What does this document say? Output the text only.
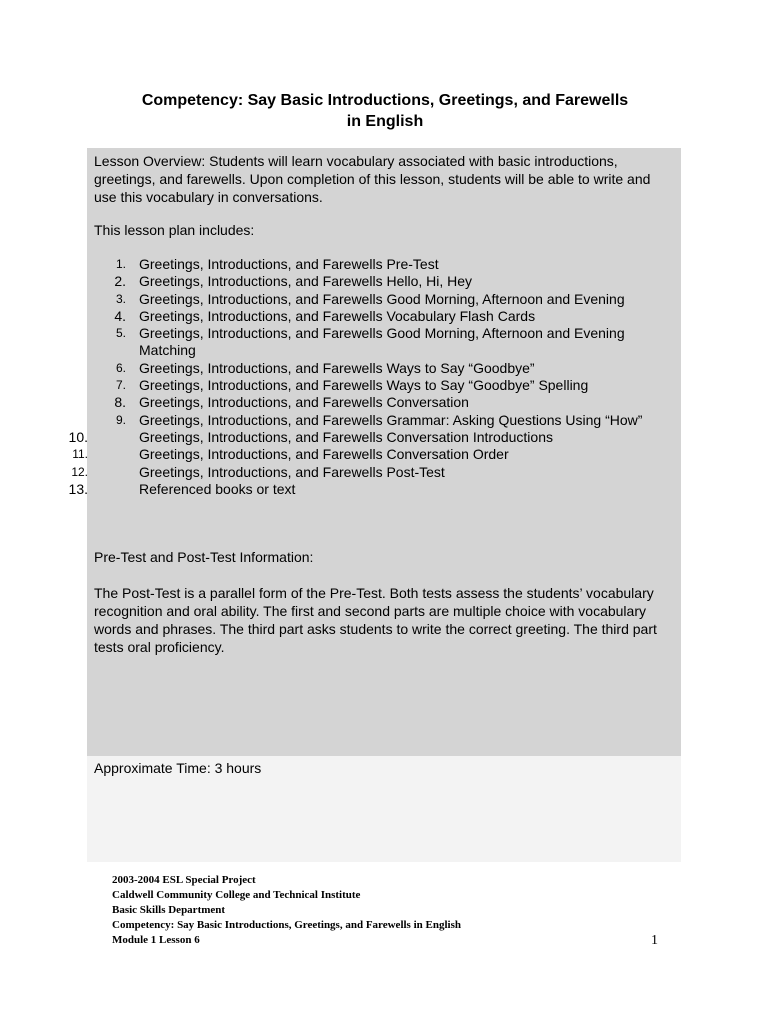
Competency: Say Basic Introductions, Greetings, and Farewells
in English

Lesson Overview: Students will learn vocabulary associated with basic introductions, greetings, and farewells. Upon completion of this lesson, students will be able to write and use this vocabulary in conversations.

This lesson plan includes:

1. Greetings, Introductions, and Farewells Pre-Test
2. Greetings, Introductions, and Farewells Hello, Hi, Hey
3. Greetings, Introductions, and Farewells Good Morning, Afternoon and Evening
4. Greetings, Introductions, and Farewells Vocabulary Flash Cards
5. Greetings, Introductions, and Farewells Good Morning, Afternoon and Evening Matching
6. Greetings, Introductions, and Farewells Ways to Say “Goodbye”
7. Greetings, Introductions, and Farewells Ways to Say “Goodbye” Spelling
8. Greetings, Introductions, and Farewells Conversation
9. Greetings, Introductions, and Farewells Grammar: Asking Questions Using “How”
10.	Greetings, Introductions, and Farewells Conversation Introductions
11.	Greetings, Introductions, and Farewells Conversation Order
12.	Greetings, Introductions, and Farewells Post-Test
13.	Referenced books or text

Pre-Test and Post-Test Information:

The Post-Test is a parallel form of the Pre-Test. Both tests assess the students’ vocabulary recognition and oral ability. The first and second parts are multiple choice with vocabulary words and phrases. The third part asks students to write the correct greeting. The third part tests oral proficiency.

Approximate Time: 3 hours

2003-2004 ESL Special Project
Caldwell Community College and Technical Institute
Basic Skills Department
Competency: Say Basic Introductions, Greetings, and Farewells in English
Module 1 Lesson 6	1
